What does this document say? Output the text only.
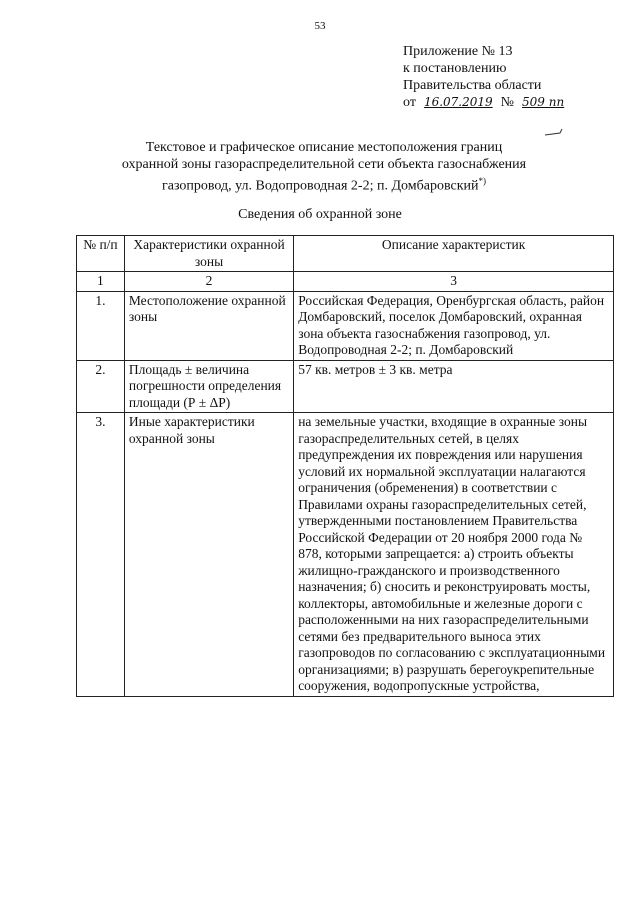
53
Приложение № 13
к постановлению
Правительства области
от 16.07.2019 № 509 пп
Текстовое и графическое описание местоположения границ
охранной зоны газораспределительной сети объекта газоснабжения
газопровод, ул. Водопроводная 2-2; п. Домбаровский*)
Сведения об охранной зоне
№ п/п	Характеристики охранной зоны	Описание характеристик
1	2	3
1.	Местоположение охранной зоны	Российская Федерация, Оренбургская область, район Домбаровский, поселок Домбаровский, охранная зона объекта газоснабжения газопровод, ул. Водопроводная 2-2; п. Домбаровский
2.	Площадь ± величина погрешности определения площади (Р ± ΔР)	57 кв. метров ± 3 кв. метра
3.	Иные характеристики охранной зоны	на земельные участки, входящие в охранные зоны газораспределительных сетей, в целях предупреждения их повреждения или нарушения условий их нормальной эксплуатации налагаются ограничения (обременения) в соответствии с Правилами охраны газораспределительных сетей, утвержденными постановлением Правительства Российской Федерации от 20 ноября 2000 года № 878, которыми запрещается: а) строить объекты жилищно-гражданского и производственного назначения; б) сносить и реконструировать мосты, коллекторы, автомобильные и железные дороги с расположенными на них газораспределительными сетями без предварительного выноса этих газопроводов по согласованию с эксплуатационными организациями; в) разрушать берегоукрепительные сооружения, водопропускные устройства,
